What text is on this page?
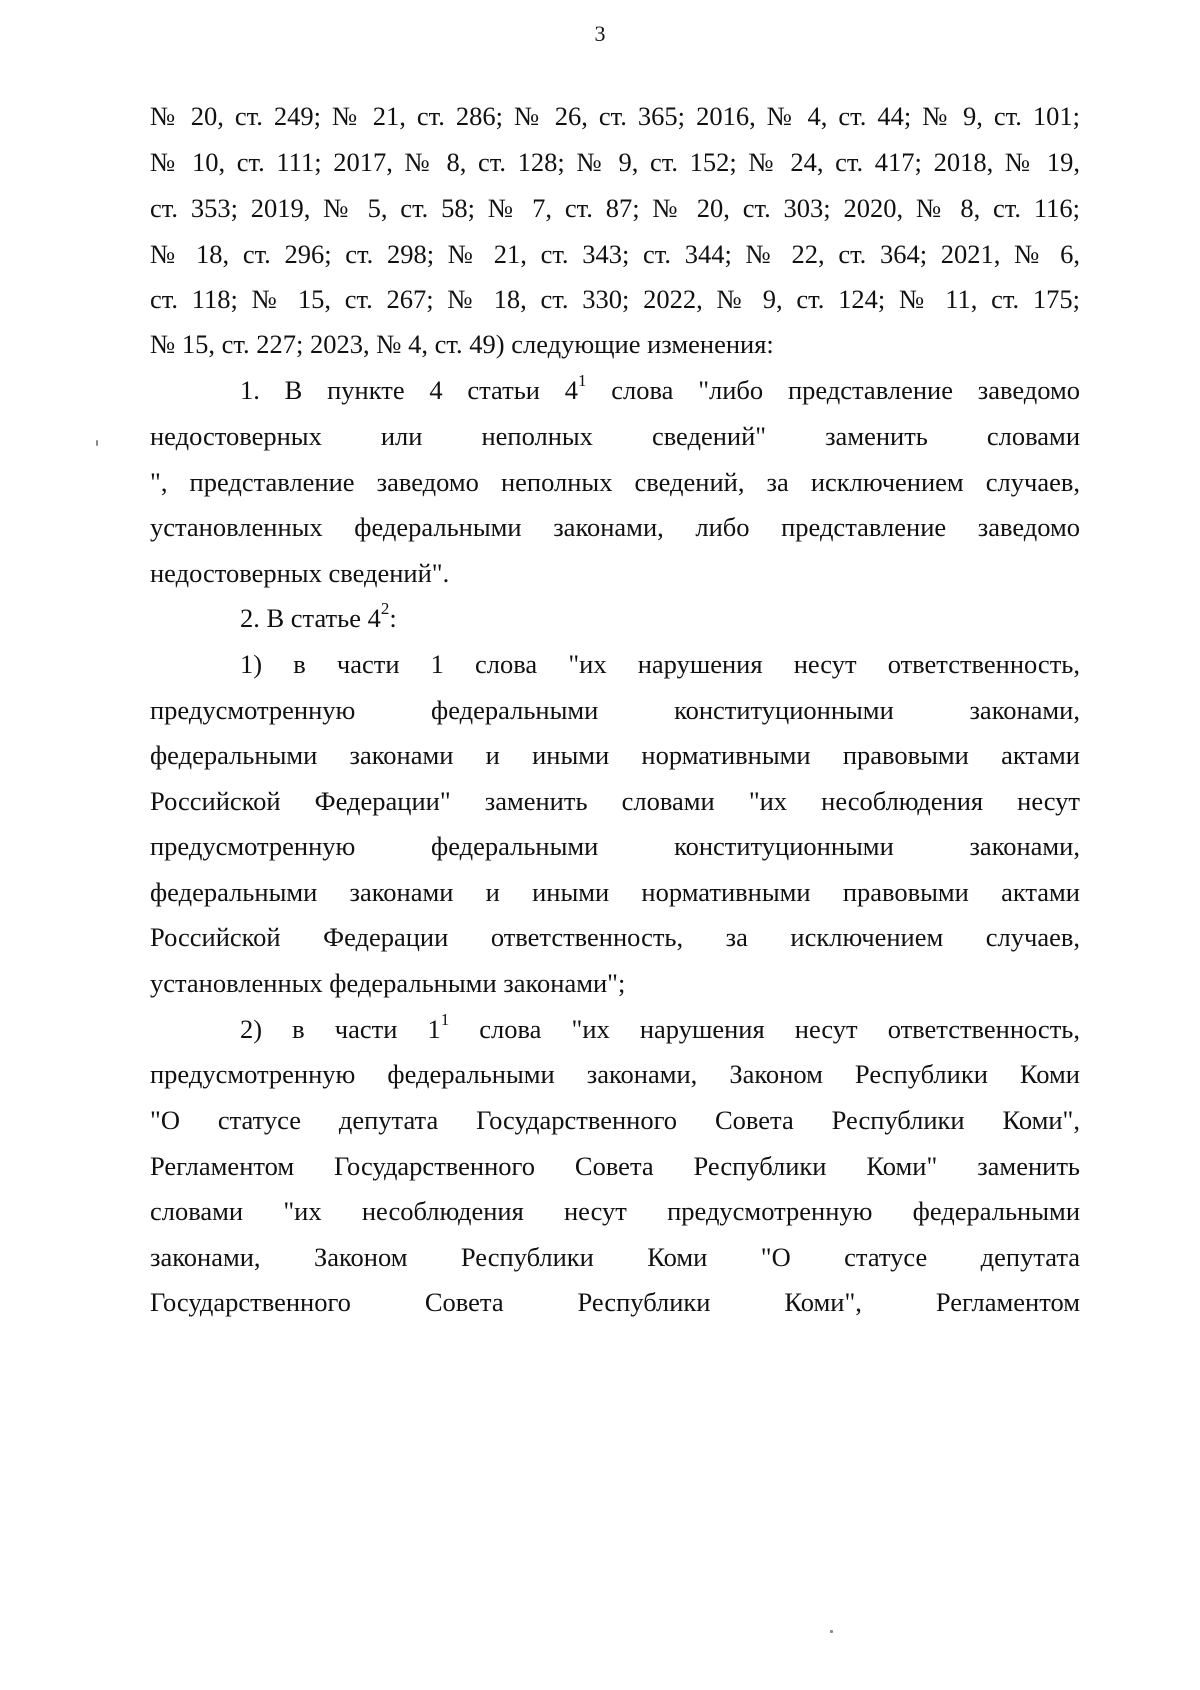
3
№ 20, ст. 249; № 21, ст. 286; № 26, ст. 365; 2016, № 4, ст. 44; № 9, ст. 101;
№ 10, ст. 111; 2017, № 8, ст. 128; № 9, ст. 152; № 24, ст. 417; 2018, № 19,
ст. 353; 2019, № 5, ст. 58; № 7, ст. 87; № 20, ст. 303; 2020, № 8, ст. 116;
№ 18, ст. 296; ст. 298; № 21, ст. 343; ст. 344; № 22, ст. 364; 2021, № 6,
ст. 118; № 15, ст. 267; № 18, ст. 330; 2022, № 9, ст. 124; № 11, ст. 175;
№ 15, ст. 227; 2023, № 4, ст. 49) следующие изменения:
1. В пункте 4 статьи $4^1$ слова "либо представление заведомо
недостоверных или неполных сведений" заменить словами
", представление заведомо неполных сведений, за исключением случаев,
установленных федеральными законами, либо представление заведомо
недостоверных сведений".
2. В статье $4^2$:
1) в части 1 слова "их нарушения несут ответственность,
предусмотренную федеральными конституционными законами,
федеральными законами и иными нормативными правовыми актами
Российской Федерации" заменить словами "их несоблюдения несут
предусмотренную федеральными конституционными законами,
федеральными законами и иными нормативными правовыми актами
Российской Федерации ответственность, за исключением случаев,
установленных федеральными законами";
2) в части $1^1$ слова "их нарушения несут ответственность,
предусмотренную федеральными законами, Законом Республики Коми
"О статусе депутата Государственного Совета Республики Коми",
Регламентом Государственного Совета Республики Коми" заменить
словами "их несоблюдения несут предусмотренную федеральными
законами, Законом Республики Коми "О статусе депутата
Государственного Совета Республики Коми", Регламентом
